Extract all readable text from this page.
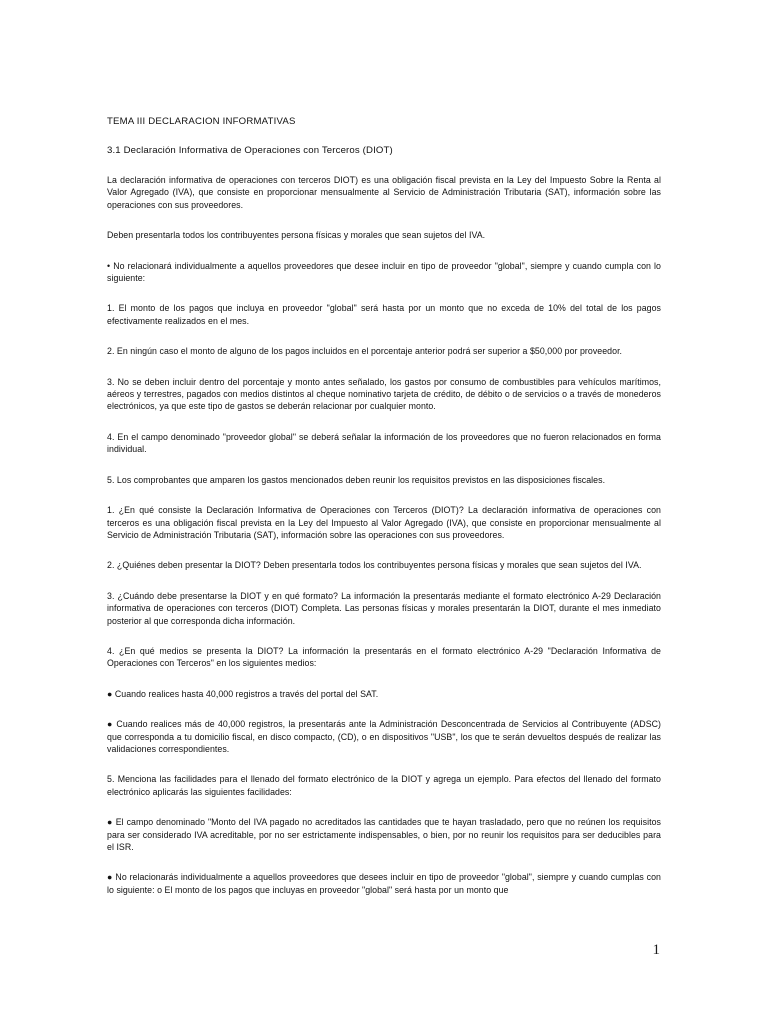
TEMA III DECLARACION INFORMATIVAS

3.1 Declaración Informativa de Operaciones con Terceros (DIOT)

La declaración informativa de operaciones con terceros DIOT) es una obligación fiscal prevista en la Ley del Impuesto Sobre la Renta al Valor Agregado (IVA), que consiste en proporcionar mensualmente al Servicio de Administración Tributaria (SAT), información sobre las operaciones con sus proveedores.

Deben presentarla todos los contribuyentes persona físicas y morales que sean sujetos del IVA.

• No relacionará individualmente a aquellos proveedores que desee incluir en tipo de proveedor "global", siempre y cuando cumpla con lo siguiente:

1. El monto de los pagos que incluya en proveedor "global" será hasta por un monto que no exceda de 10% del total de los pagos efectivamente realizados en el mes.

2. En ningún caso el monto de alguno de los pagos incluidos en el porcentaje anterior podrá ser superior a $50,000 por proveedor.

3. No se deben incluir dentro del porcentaje y monto antes señalado, los gastos por consumo de combustibles para vehículos marítimos, aéreos y terrestres, pagados con medios distintos al cheque nominativo tarjeta de crédito, de débito o de servicios o a través de monederos electrónicos, ya que este tipo de gastos se deberán relacionar por cualquier monto.

4. En el campo denominado "proveedor global" se deberá señalar la información de los proveedores que no fueron relacionados en forma individual.

5. Los comprobantes que amparen los gastos mencionados deben reunir los requisitos previstos en las disposiciones fiscales.

1. ¿En qué consiste la Declaración Informativa de Operaciones con Terceros (DIOT)? La declaración informativa de operaciones con terceros es una obligación fiscal prevista en la Ley del Impuesto al Valor Agregado (IVA), que consiste en proporcionar mensualmente al Servicio de Administración Tributaria (SAT), información sobre las operaciones con sus proveedores.

2. ¿Quiénes deben presentar la DIOT? Deben presentarla todos los contribuyentes persona físicas y morales que sean sujetos del IVA.

3. ¿Cuándo debe presentarse la DIOT y en qué formato? La información la presentarás mediante el formato electrónico A-29 Declaración informativa de operaciones con terceros (DIOT) Completa. Las personas físicas y morales presentarán la DIOT, durante el mes inmediato posterior al que corresponda dicha información.

4. ¿En qué medios se presenta la DIOT? La información la presentarás en el formato electrónico A-29 "Declaración Informativa de Operaciones con Terceros" en los siguientes medios:

● Cuando realices hasta 40,000 registros a través del portal del SAT.

● Cuando realices más de 40,000 registros, la presentarás ante la Administración Desconcentrada de Servicios al Contribuyente (ADSC) que corresponda a tu domicilio fiscal, en disco compacto, (CD), o en dispositivos "USB", los que te serán devueltos después de realizar las validaciones correspondientes.

5. Menciona las facilidades para el llenado del formato electrónico de la DIOT y agrega un ejemplo. Para efectos del llenado del formato electrónico aplicarás las siguientes facilidades:

● El campo denominado "Monto del IVA pagado no acreditados las cantidades que te hayan trasladado, pero que no reúnen los requisitos para ser considerado IVA acreditable, por no ser estrictamente indispensables, o bien, por no reunir los requisitos para ser deducibles para el ISR.

● No relacionarás individualmente a aquellos proveedores que desees incluir en tipo de proveedor "global", siempre y cuando cumplas con lo siguiente: o El monto de los pagos que incluyas en proveedor "global" será hasta por un monto que

1
